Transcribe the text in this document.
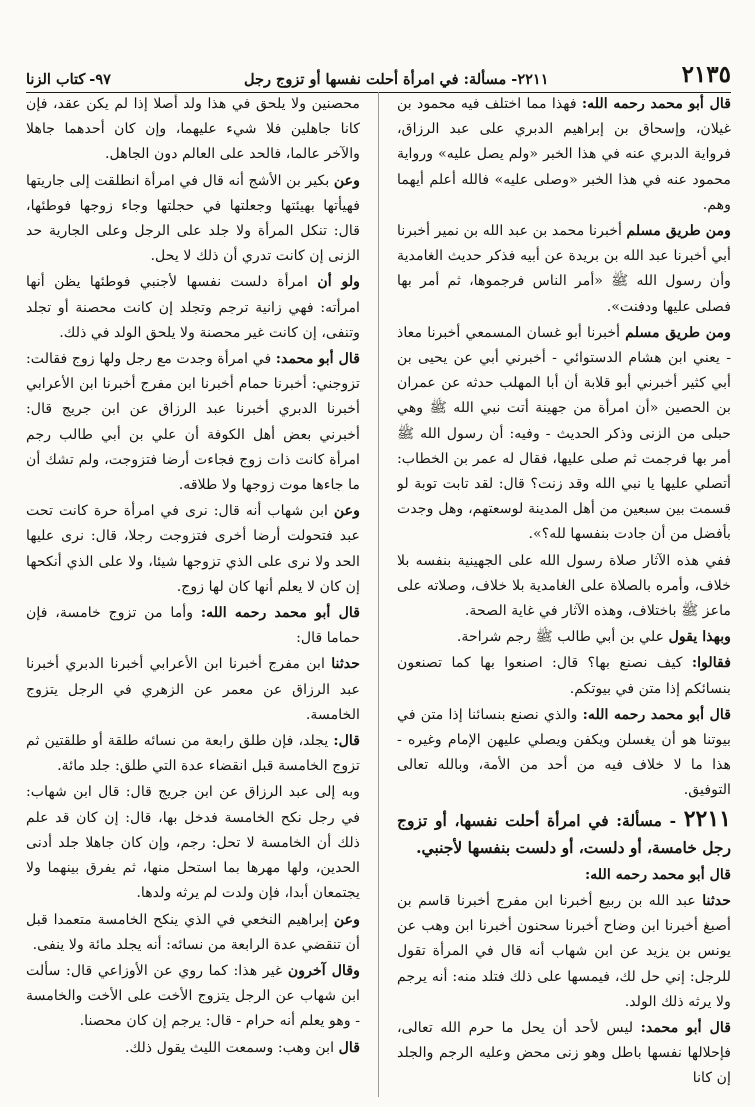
٢١٣٥
٢٢١١- مسألة: في امرأة أحلت نفسها أو تزوج رجل
٩٧-
كتاب الزنا

قال أبو محمد رحمه الله: فهذا مما اختلف فيه محمود بن غيلان، وإسحاق بن إبراهيم الدبري على عبد الرزاق، فرواية الدبري عنه في هذا الخبر «ولم يصل عليه» ورواية محمود عنه في هذا الخبر «وصلى عليه» فالله أعلم أيهما وهم.

ومن طريق مسلم أخبرنا محمد بن عبد الله بن نمير أخبرنا أبي أخبرنا عبد الله بن بريدة عن أبيه فذكر حديث الغامدية وأن رسول الله ﷺ «أمر الناس فرجموها، ثم أمر بها فصلى عليها ودفنت».

ومن طريق مسلم أخبرنا أبو غسان المسمعي أخبرنا معاذ - يعني ابن هشام الدستوائي - أخبرني أبي عن يحيى بن أبي كثير أخبرني أبو قلابة أن أبا المهلب حدثه عن عمران بن الحصين «أن امرأة من جهينة أتت نبي الله ﷺ وهي حبلى من الزنى وذكر الحديث - وفيه: أن رسول الله ﷺ أمر بها فرجمت ثم صلى عليها، فقال له عمر بن الخطاب: أتصلي عليها يا نبي الله وقد زنت؟ قال: لقد تابت توبة لو قسمت بين سبعين من أهل المدينة لوسعتهم، وهل وجدت بأفضل من أن جادت بنفسها لله؟».

ففي هذه الآثار صلاة رسول الله على الجهينية بنفسه بلا خلاف، وأمره بالصلاة على الغامدية بلا خلاف، وصلاته على ماعز ﷺ باختلاف، وهذه الآثار في غاية الصحة.

وبهذا يقول علي بن أبي طالب ﷺ رجم شراحة.

فقالوا: كيف نصنع بها؟ قال: اصنعوا بها كما تصنعون بنسائكم إذا متن في بيوتكم.

قال أبو محمد رحمه الله: والذي نصنع بنسائنا إذا متن في بيوتنا هو أن يغسلن ويكفن ويصلي عليهن الإمام وغيره - هذا ما لا خلاف فيه من أحد من الأمة، وبالله تعالى التوفيق.

٢٢١١ - مسألة: في امرأة أحلت نفسها، أو تزوج رجل خامسة، أو دلست، أو دلست بنفسها لأجنبي.

قال أبو محمد رحمه الله:

حدثنا عبد الله بن ربيع أخبرنا ابن مفرج أخبرنا قاسم بن أصبغ أخبرنا ابن وضاح أخبرنا سحنون أخبرنا ابن وهب عن يونس بن يزيد عن ابن شهاب أنه قال في المرأة تقول للرجل: إني حل لك، فيمسها على ذلك فتلد منه: أنه يرجم ولا يرثه ذلك الولد.

قال أبو محمد: ليس لأحد أن يحل ما حرم الله تعالى، فإحلالها نفسها باطل وهو زنى محض وعليه الرجم والجلد إن كانا

محصنين ولا يلحق في هذا ولد أصلا إذا لم يكن عقد، فإن كانا جاهلين فلا شيء عليهما، وإن كان أحدهما جاهلا والآخر عالما، فالحد على العالم دون الجاهل.

وعن بكير بن الأشج أنه قال في امرأة انطلقت إلى جاريتها فهيأتها بهيئتها وجعلتها في حجلتها وجاء زوجها فوطئها، قال: تنكل المرأة ولا جلد على الرجل وعلى الجارية حد الزنى إن كانت تدري أن ذلك لا يحل.

ولو أن امرأة دلست نفسها لأجنبي فوطئها يظن أنها امرأته: فهي زانية ترجم وتجلد إن كانت محصنة أو تجلد وتنفى، إن كانت غير محصنة ولا يلحق الولد في ذلك.

قال أبو محمد: في امرأة وجدت مع رجل ولها زوج فقالت: تزوجني: أخبرنا حمام أخبرنا ابن مفرج أخبرنا ابن الأعرابي أخبرنا الدبري أخبرنا عبد الرزاق عن ابن جريج قال: أخبرني بعض أهل الكوفة أن علي بن أبي طالب رجم امرأة كانت ذات زوج فجاءت أرضا فتزوجت، ولم تشك أن ما جاءها موت زوجها ولا طلاقه.

وعن ابن شهاب أنه قال: نرى في امرأة حرة كانت تحت عبد فتحولت أرضا أخرى فتزوجت رجلا، قال: نرى عليها الحد ولا نرى على الذي تزوجها شيئا، ولا على الذي أنكحها إن كان لا يعلم أنها كان لها زوج.

قال أبو محمد رحمه الله: وأما من تزوج خامسة، فإن حماما قال:

حدثنا ابن مفرج أخبرنا ابن الأعرابي أخبرنا الدبري أخبرنا عبد الرزاق عن معمر عن الزهري في الرجل يتزوج الخامسة.

قال: يجلد، فإن طلق رابعة من نسائه طلقة أو طلقتين ثم تزوج الخامسة قبل انقضاء عدة التي طلق: جلد مائة.

وبه إلى عبد الرزاق عن ابن جريج قال: قال ابن شهاب: في رجل نكح الخامسة فدخل بها، قال: إن كان قد علم ذلك أن الخامسة لا تحل: رجم، وإن كان جاهلا جلد أدنى الحدين، ولها مهرها بما استحل منها، ثم يفرق بينهما ولا يجتمعان أبدا، فإن ولدت لم يرثه ولدها.

وعن إبراهيم النخعي في الذي ينكح الخامسة متعمدا قبل أن تنقضي عدة الرابعة من نسائه: أنه يجلد مائة ولا ينفى.

وقال آخرون غير هذا: كما روي عن الأوزاعي قال: سألت ابن شهاب عن الرجل يتزوج الأخت على الأخت والخامسة - وهو يعلم أنه حرام - قال: يرجم إن كان محصنا.

قال ابن وهب: وسمعت الليث يقول ذلك.
